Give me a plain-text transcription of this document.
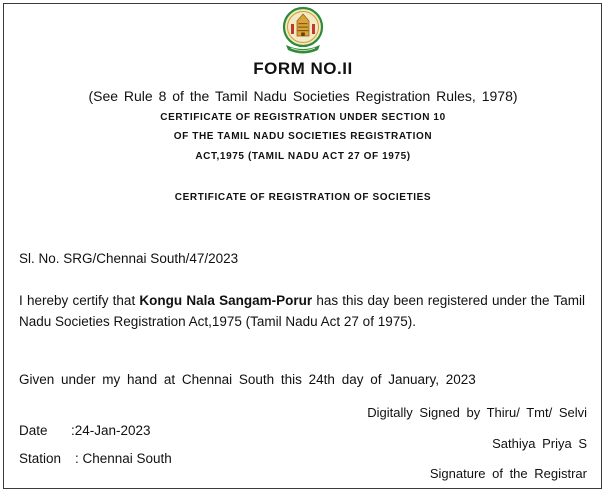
FORM NO.II
(See Rule 8 of the Tamil Nadu Societies Registration Rules, 1978)
CERTIFICATE OF REGISTRATION UNDER SECTION 10
OF THE TAMIL NADU SOCIETIES REGISTRATION
ACT,1975 (TAMIL NADU ACT 27 OF 1975)
CERTIFICATE OF REGISTRATION OF SOCIETIES
Sl. No. SRG/Chennai South/47/2023
I hereby certify that Kongu Nala Sangam-Porur has this day been registered under the Tamil Nadu Societies Registration Act,1975 (Tamil Nadu Act 27 of 1975).
Given under my hand at Chennai South this 24th day of January, 2023
Digitally Signed by Thiru/ Tmt/ Selvi
Sathiya Priya S
Signature of the Registrar
Date :24-Jan-2023
Station : Chennai South
